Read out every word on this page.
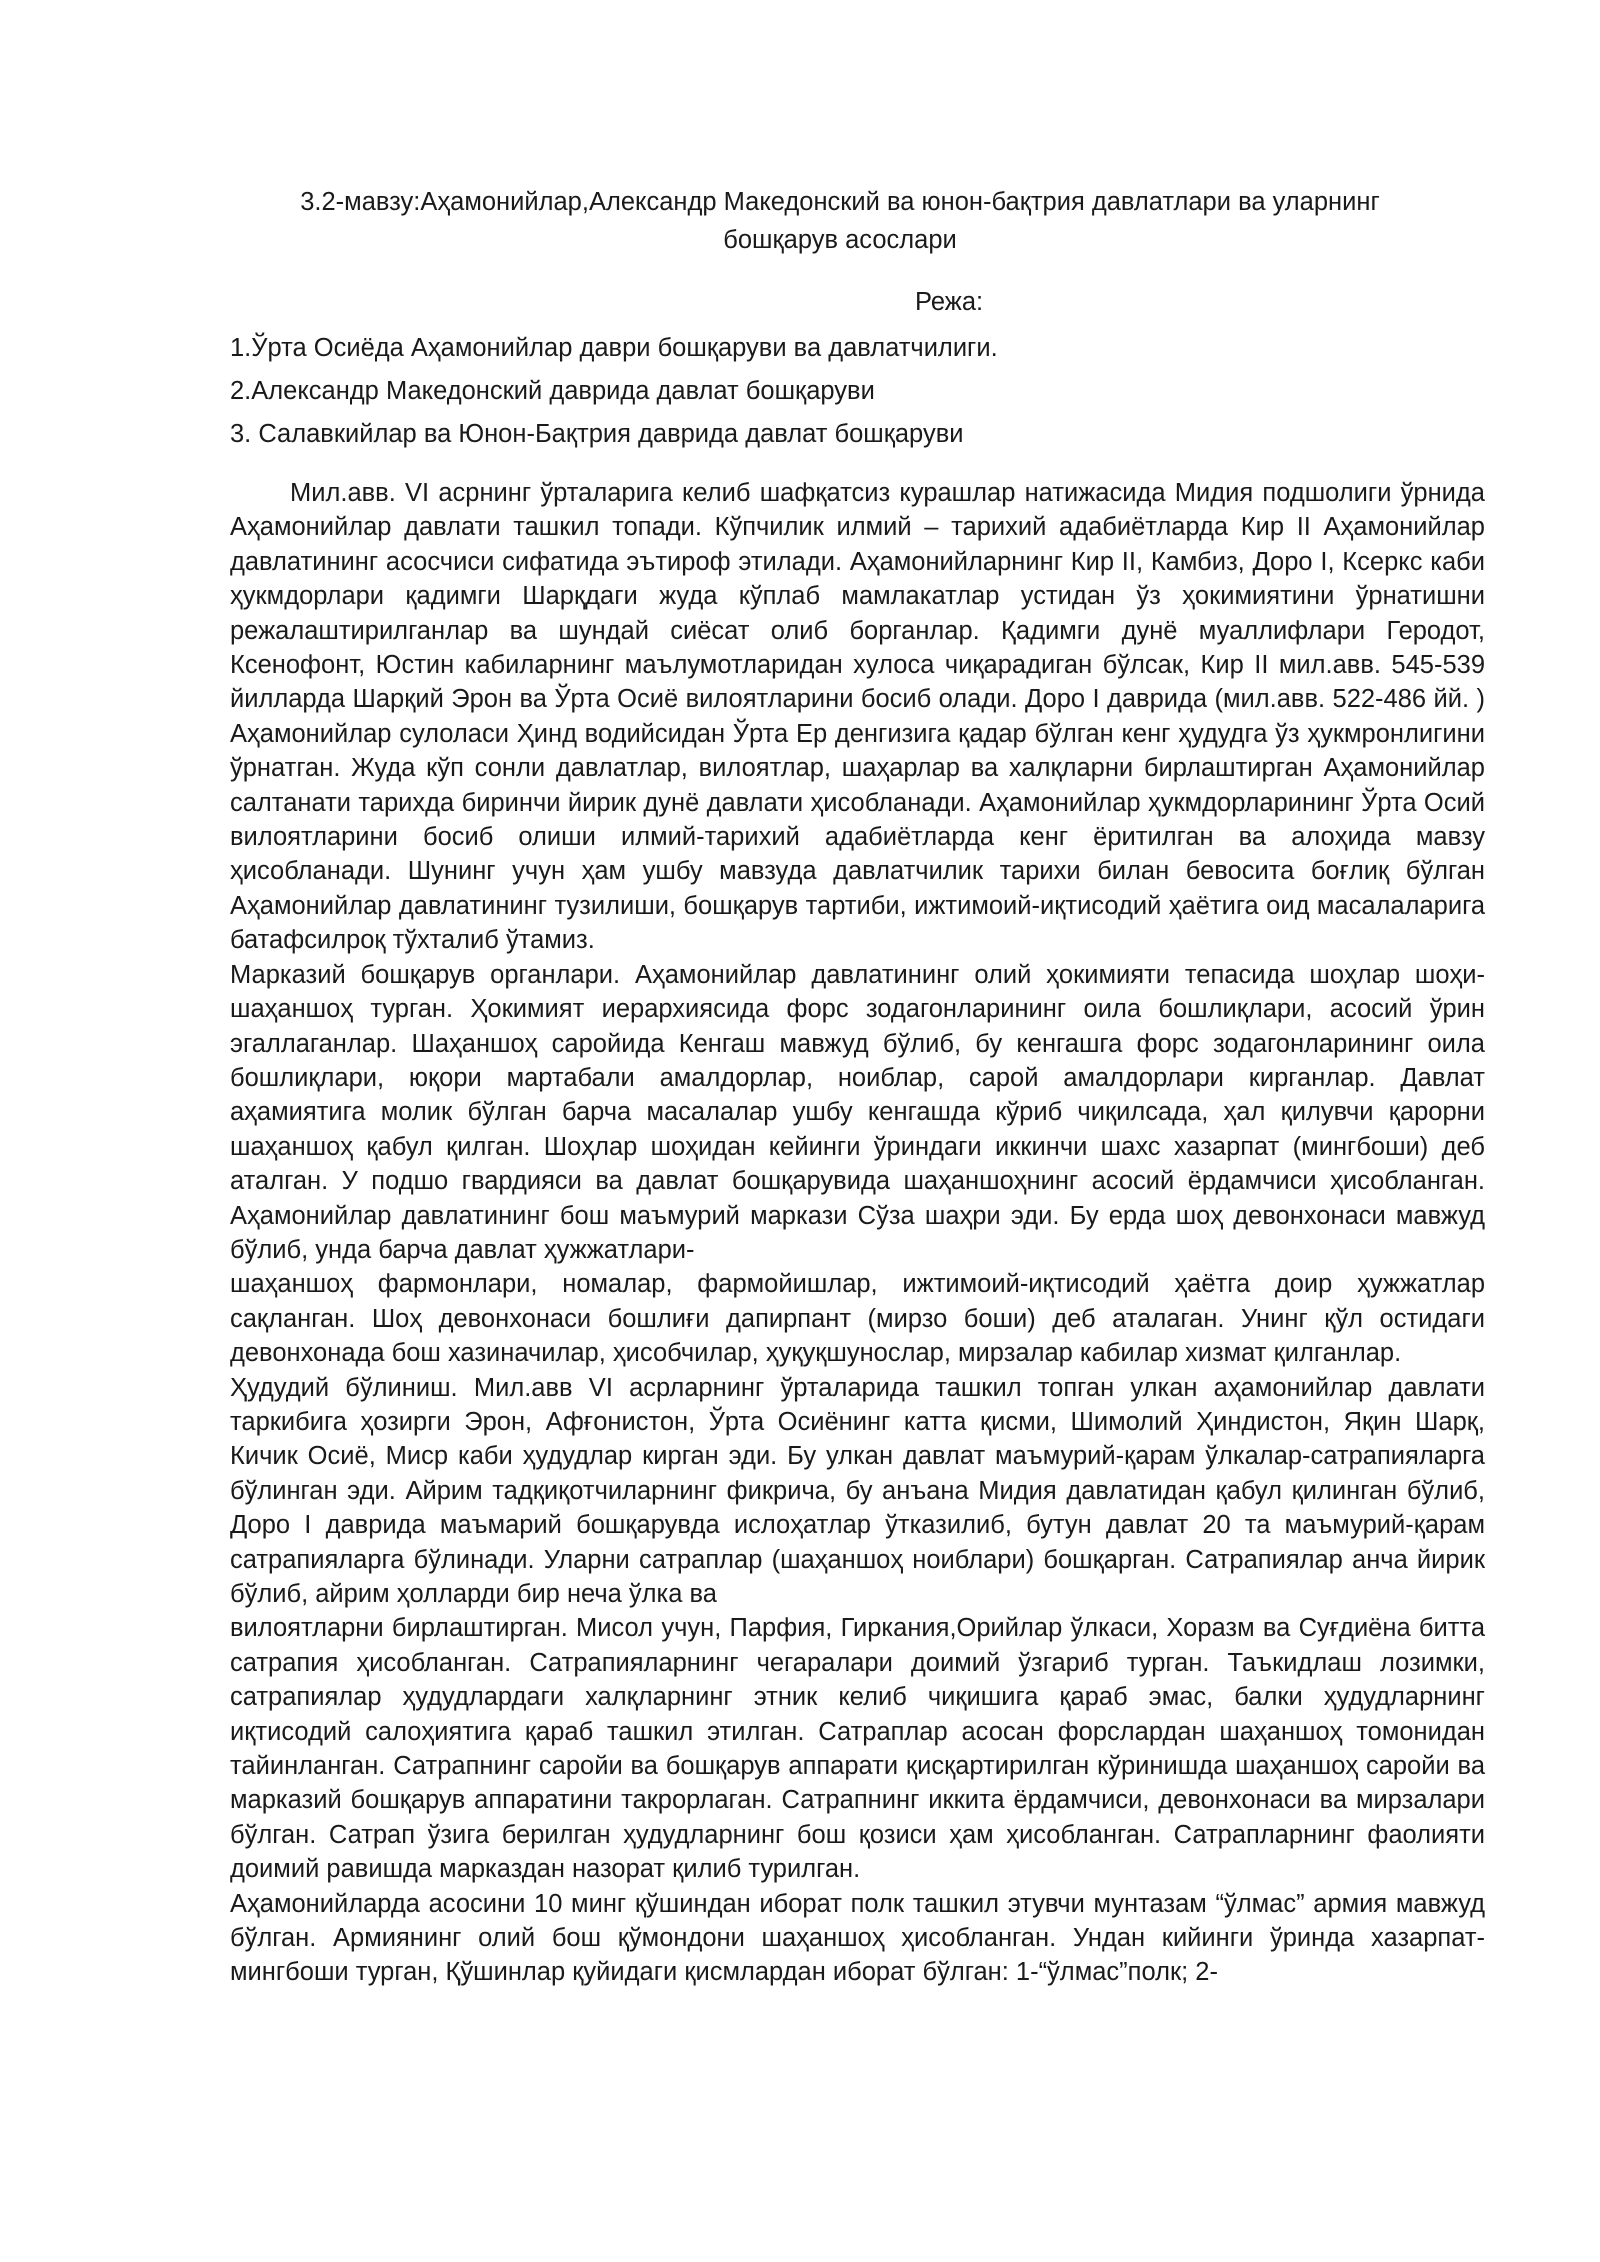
3.2-мавзу:Аҳамонийлар,Александр Македонский ва юнон-бақтрия давлатлари ва уларнинг
бошқарув асослари
Режа:
1.Ўрта Осиёда Аҳамонийлар даври бошқаруви ва давлатчилиги.
2.Александр Македонский даврида давлат бошқаруви
3. Салавкийлар ва Юнон-Бақтрия даврида давлат бошқаруви

Мил.авв. VI асрнинг ўрталарига келиб шафқатсиз курашлар натижасида Мидия подшолиги ўрнида Аҳамонийлар давлати ташкил топади. Кўпчилик илмий – тарихий адабиётларда Кир II Аҳамонийлар давлатининг асосчиси сифатида эътироф этилади. Аҳамонийларнинг Кир II, Камбиз, Доро I, Ксеркс каби ҳукмдорлари қадимги Шарқдаги жуда кўплаб мамлакатлар устидан ўз ҳокимиятини ўрнатишни режалаштирилганлар ва шундай сиёсат олиб борганлар. Қадимги дунё муаллифлари Геродот, Ксенофонт, Юстин кабиларнинг маълумотларидан хулоса чиқарадиган бўлсак, Кир II мил.авв. 545-539 йилларда Шарқий Эрон ва Ўрта Осиё вилоятларини босиб олади. Доро I даврида (мил.авв. 522-486 йй. ) Аҳамонийлар сулоласи Ҳинд водийсидан Ўрта Ер денгизига қадар бўлган кенг ҳудудга ўз ҳукмронлигини ўрнатган. Жуда кўп сонли давлатлар, вилоятлар, шаҳарлар ва халқларни бирлаштирган Аҳамонийлар салтанати тарихда биринчи йирик дунё давлати ҳисобланади. Аҳамонийлар ҳукмдорларининг Ўрта Осий вилоятларини босиб олиши илмий-тарихий адабиётларда кенг ёритилган ва алоҳида мавзу ҳисобланади. Шунинг учун ҳам ушбу мавзуда давлатчилик тарихи билан бевосита боғлиқ бўлган Аҳамонийлар давлатининг тузилиши, бошқарув тартиби, ижтимоий-иқтисодий ҳаётига оид масалаларига батафсилроқ тўхталиб ўтамиз.

Марказий бошқарув органлари. Аҳамонийлар давлатининг олий ҳокимияти тепасида шоҳлар шоҳи-шаҳаншоҳ турган. Ҳокимият иерархиясида форс зодагонларининг оила бошлиқлари, асосий ўрин эгаллаганлар. Шаҳаншоҳ саройида Кенгаш мавжуд бўлиб, бу кенгашга форс зодагонларининг оила бошлиқлари, юқори мартабали амалдорлар, ноиблар, сарой амалдорлари кирганлар. Давлат аҳамиятига молик бўлган барча масалалар ушбу кенгашда кўриб чиқилсада, ҳал қилувчи қарорни шаҳаншоҳ қабул қилган. Шоҳлар шоҳидан кейинги ўриндаги иккинчи шахс хазарпат (мингбоши) деб аталган. У подшо гвардияси ва давлат бошқарувида шаҳаншоҳнинг асосий ёрдамчиси ҳисобланган. Аҳамонийлар давлатининг бош маъмурий маркази Сўза шаҳри эди. Бу ерда шоҳ девонхонаси мавжуд бўлиб, унда барча давлат ҳужжатлари-

шаҳаншоҳ фармонлари, номалар, фармойишлар, ижтимоий-иқтисодий ҳаётга доир ҳужжатлар сақланган. Шоҳ девонхонаси бошлиғи дапирпант (мирзо боши) деб аталаган. Унинг қўл остидаги девонхонада бош хазиначилар, ҳисобчилар, ҳуқуқшунослар, мирзалар кабилар хизмат қилганлар.

Ҳудудий бўлиниш. Мил.авв VI асрларнинг ўрталарида ташкил топган улкан аҳамонийлар давлати таркибига ҳозирги Эрон, Афғонистон, Ўрта Осиёнинг катта қисми, Шимолий Ҳиндистон, Яқин Шарқ, Кичик Осиё, Миср каби ҳудудлар кирган эди. Бу улкан давлат маъмурий-қарам ўлкалар-сатрапияларга бўлинган эди. Айрим тадқиқотчиларнинг фикрича, бу анъана Мидия давлатидан қабул қилинган бўлиб, Доро I даврида маъмарий бошқарувда ислоҳатлар ўтказилиб, бутун давлат 20 та маъмурий-қарам сатрапияларга бўлинади. Уларни сатраплар (шаҳаншоҳ ноиблари) бошқарган. Сатрапиялар анча йирик бўлиб, айрим ҳолларди бир неча ўлка ва

вилоятларни бирлаштирган. Мисол учун, Парфия, Гиркания,Орийлар ўлкаси, Хоразм ва Суғдиёна битта сатрапия ҳисобланган. Сатрапияларнинг чегаралари доимий ўзгариб турган. Таъкидлаш лозимки, сатрапиялар ҳудудлардаги халқларнинг этник келиб чиқишига қараб эмас, балки ҳудудларнинг иқтисодий салоҳиятига қараб ташкил этилган. Сатраплар асосан форслардан шаҳаншоҳ томонидан тайинланган. Сатрапнинг саройи ва бошқарув аппарати қисқартирилган кўринишда шаҳаншоҳ саройи ва марказий бошқарув аппаратини такрорлаган. Сатрапнинг иккита ёрдамчиси, девонхонаси ва мирзалари бўлган. Сатрап ўзига берилган ҳудудларнинг бош қозиси ҳам ҳисобланган. Сатрапларнинг фаолияти доимий равишда марказдан назорат қилиб турилган.

Аҳамонийларда асосини 10 минг қўшиндан иборат полк ташкил этувчи мунтазам “ўлмас” армия мавжуд бўлган. Армиянинг олий бош қўмондони шаҳаншоҳ ҳисобланган. Ундан кийинги ўринда хазарпат-мингбоши турган, Қўшинлар қуйидаги қисмлардан иборат бўлган: 1-“ўлмас”полк; 2-
